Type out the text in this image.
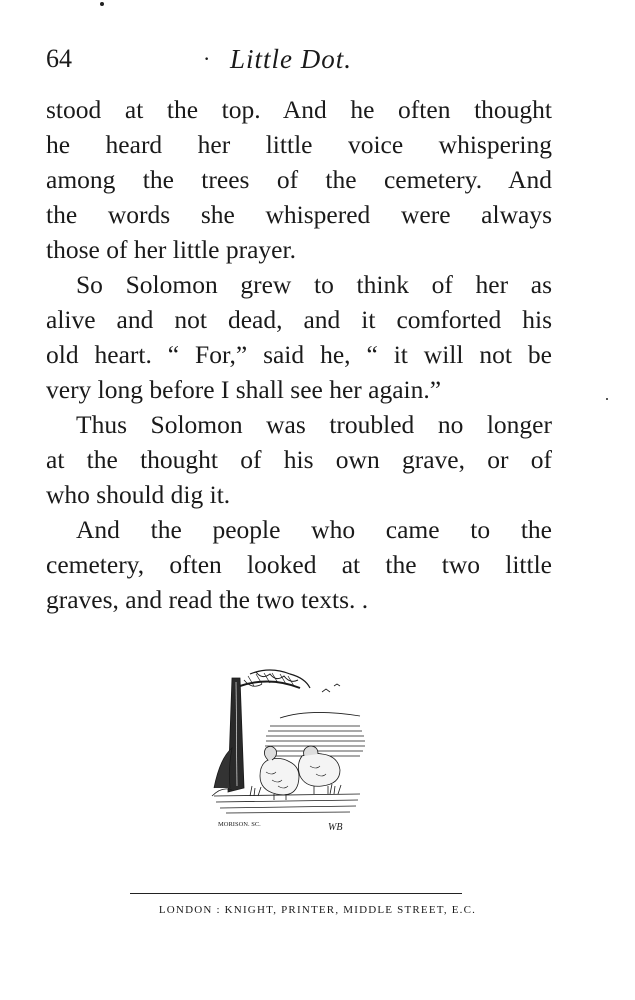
64	· Little Dot.

stood at the top. And he often thought
he heard her little voice whispering
among the trees of the cemetery. And
the words she whispered were always
those of her little prayer.

So Solomon grew to think of her as
alive and not dead, and it comforted his
old heart. “ For,” said he, “ it will not be
very long before I shall see her again.”

Thus Solomon was troubled no longer
at the thought of his own grave, or of
who should dig it.

And the people who came to the
cemetery, often looked at the two little
graves, and read the two texts. .

MORISON. SC.	WB
LONDON : KNIGHT, PRINTER, MIDDLE STREET, E.C.
